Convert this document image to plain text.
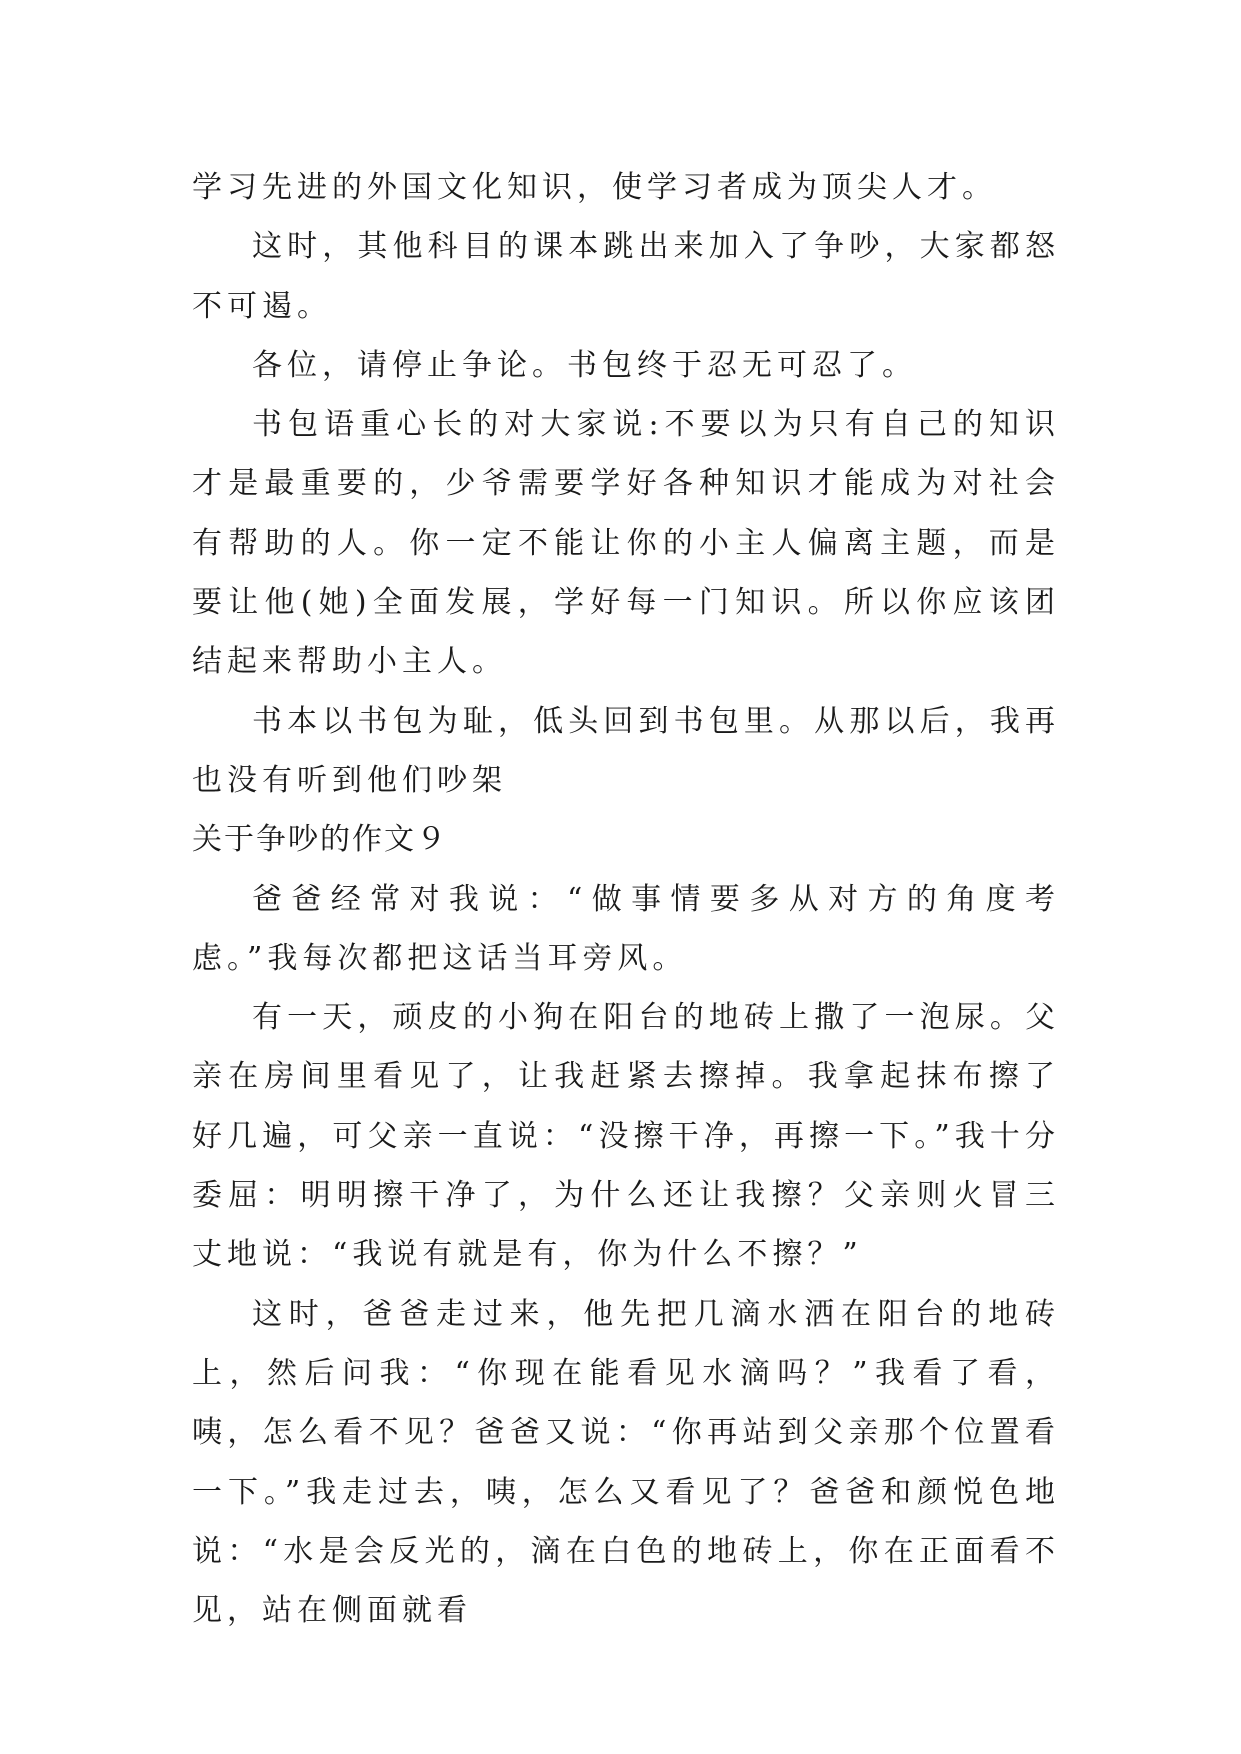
学习先进的外国文化知识，使学习者成为顶尖人才。

这时，其他科目的课本跳出来加入了争吵，大家都怒不可遏。

各位，请停止争论。书包终于忍无可忍了。

书包语重心长的对大家说:不要以为只有自己的知识才是最重要的，少爷需要学好各种知识才能成为对社会有帮助的人。你一定不能让你的小主人偏离主题，而是要让他(她)全面发展，学好每一门知识。所以你应该团结起来帮助小主人。

书本以书包为耻，低头回到书包里。从那以后，我再也没有听到他们吵架

关于争吵的作文９

爸爸经常对我说：“做事情要多从对方的角度考虑。”我每次都把这话当耳旁风。

有一天，顽皮的小狗在阳台的地砖上撒了一泡尿。父亲在房间里看见了，让我赶紧去擦掉。我拿起抹布擦了好几遍，可父亲一直说：“没擦干净，再擦一下。”我十分委屈：明明擦干净了，为什么还让我擦？父亲则火冒三丈地说：“我说有就是有，你为什么不擦？”

这时，爸爸走过来，他先把几滴水洒在阳台的地砖上，然后问我：“你现在能看见水滴吗？”我看了看，咦，怎么看不见？爸爸又说：“你再站到父亲那个位置看一下。”我走过去，咦，怎么又看见了？爸爸和颜悦色地说：“水是会反光的，滴在白色的地砖上，你在正面看不见，站在侧面就看
